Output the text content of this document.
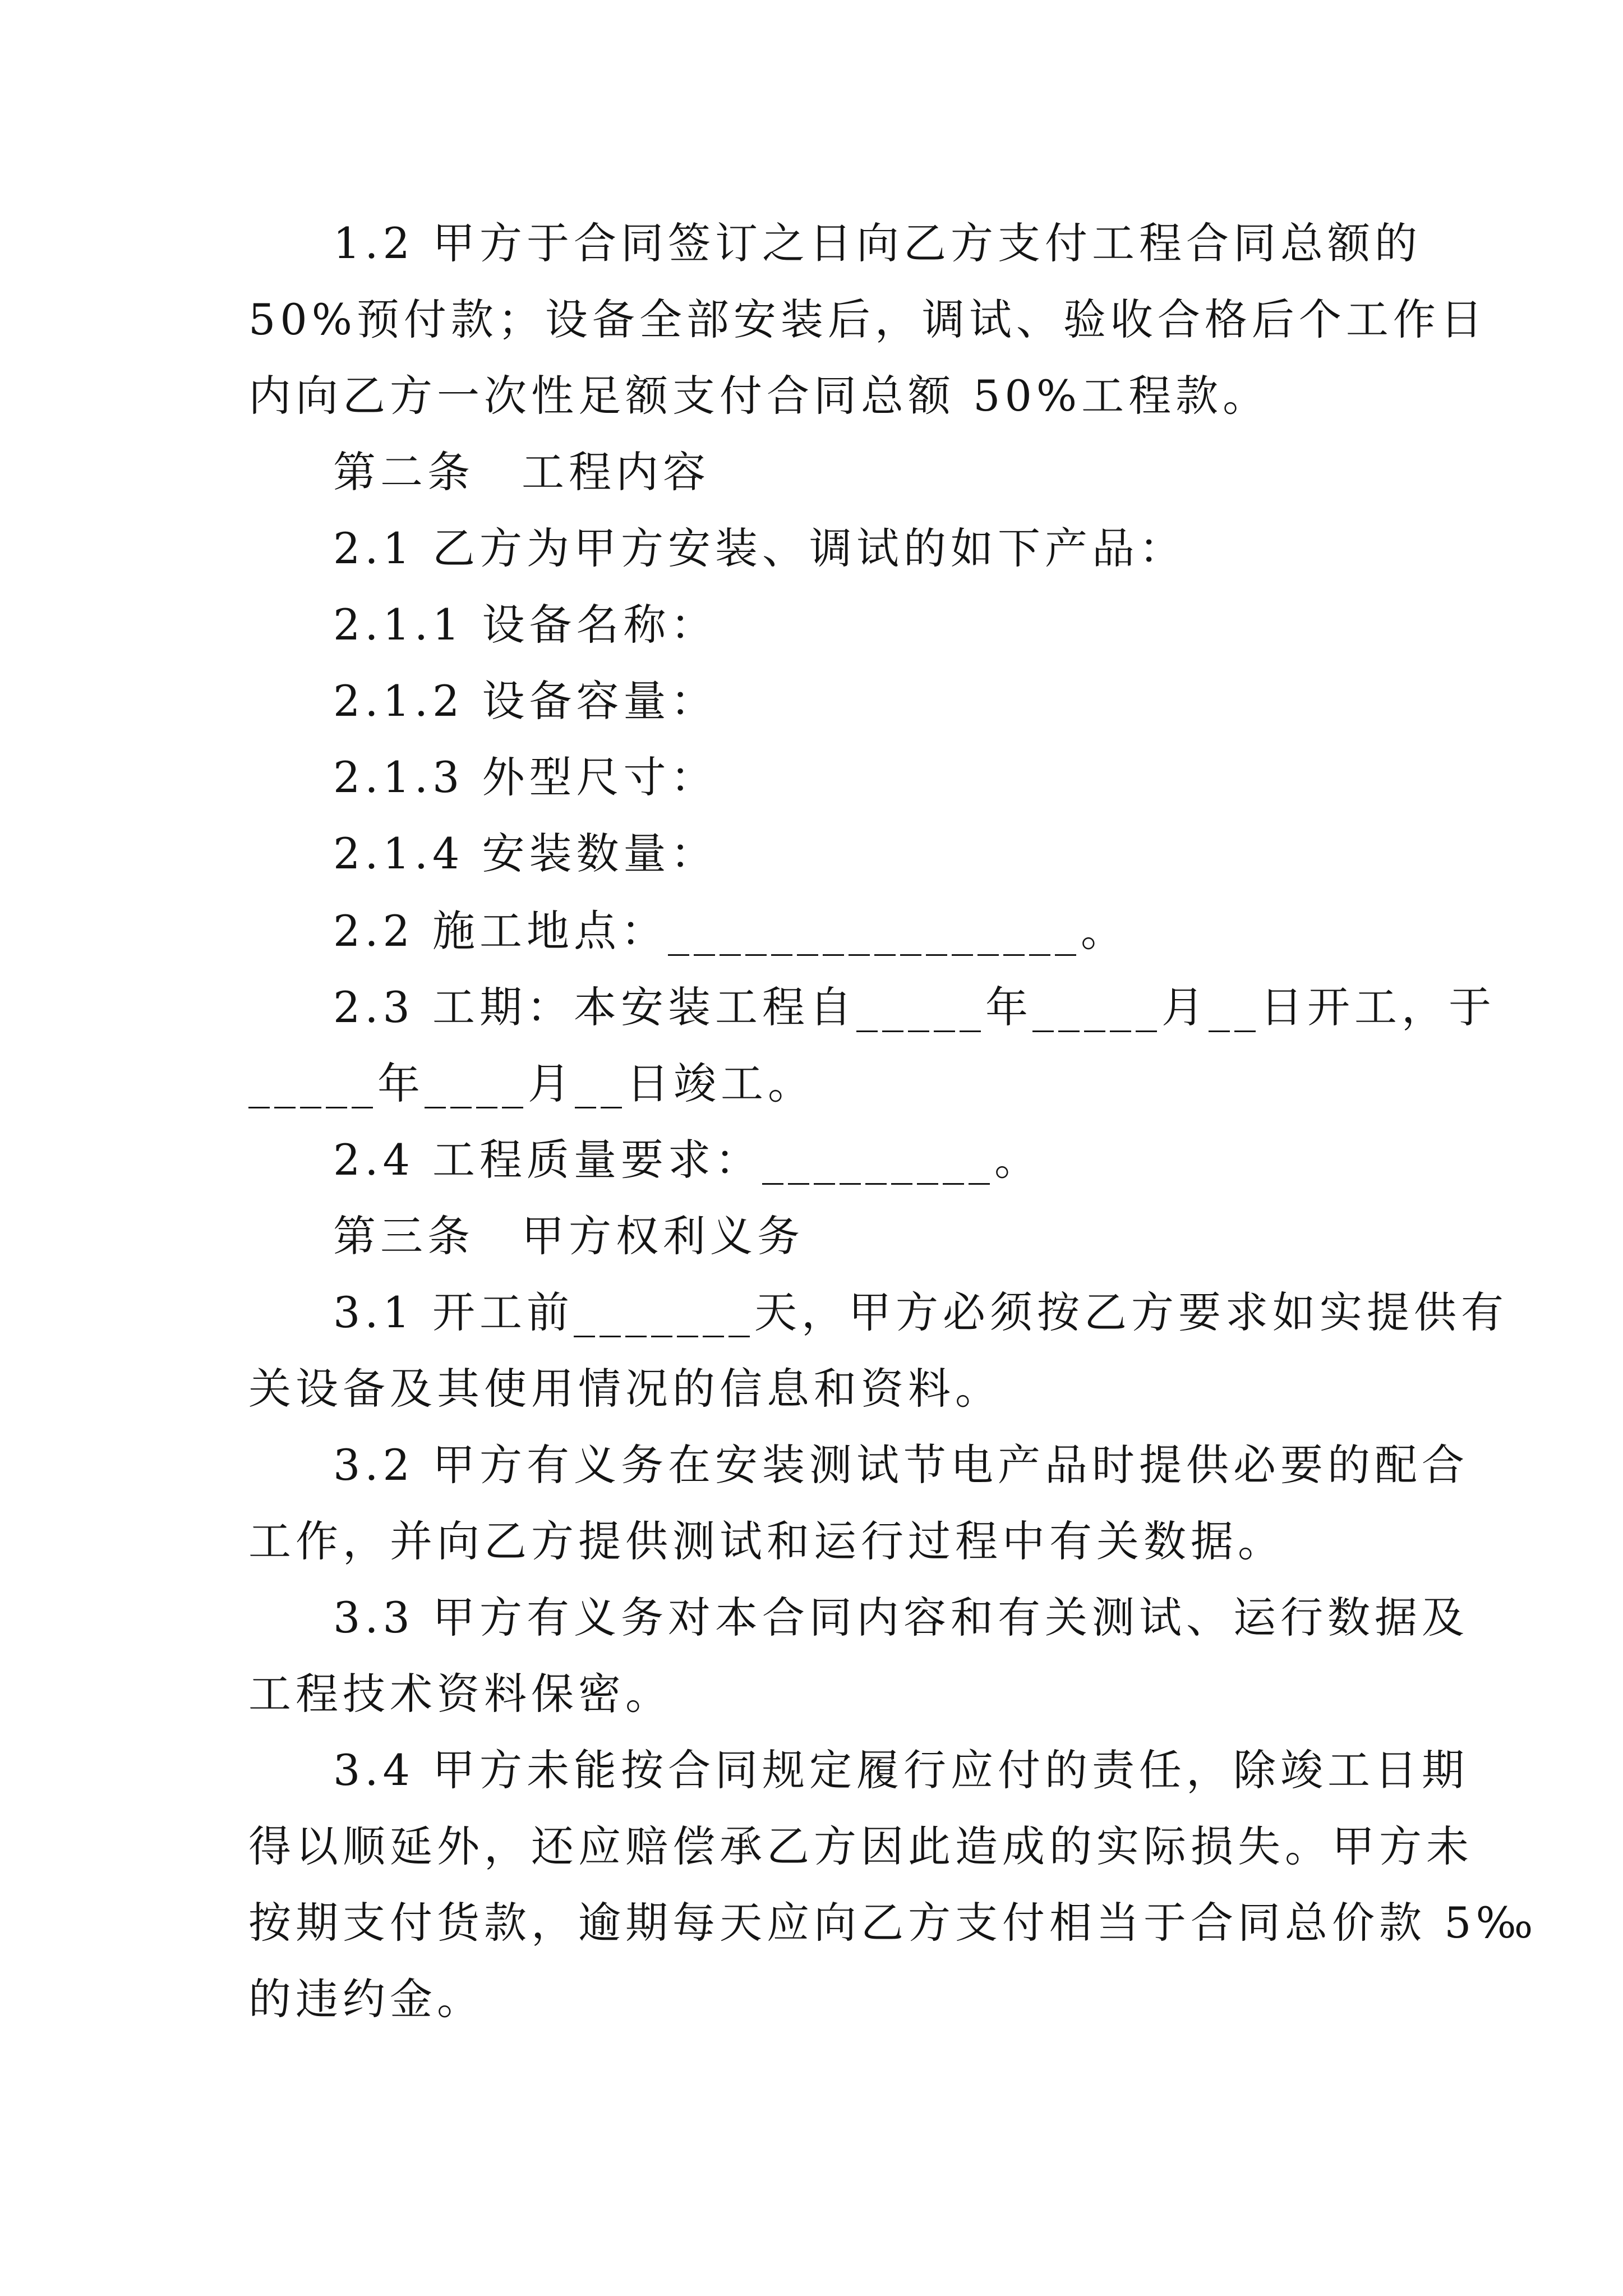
1.2 甲方于合同签订之日向乙方支付工程合同总额的
50%预付款；设备全部安装后，调试、验收合格后个工作日
内向乙方一次性足额支付合同总额 50%工程款。
第二条　工程内容
2.1 乙方为甲方安装、调试的如下产品：
2.1.1 设备名称：
2.1.2 设备容量：
2.1.3 外型尺寸：
2.1.4 安装数量：
2.2 施工地点：________________。
2.3 工期：本安装工程自_____年_____月__日开工，于
_____年____月__日竣工。
2.4 工程质量要求：_________。
第三条　甲方权利义务
3.1 开工前_______天，甲方必须按乙方要求如实提供有
关设备及其使用情况的信息和资料。
3.2 甲方有义务在安装测试节电产品时提供必要的配合
工作，并向乙方提供测试和运行过程中有关数据。
3.3 甲方有义务对本合同内容和有关测试、运行数据及
工程技术资料保密。
3.4 甲方未能按合同规定履行应付的责任，除竣工日期
得以顺延外，还应赔偿承乙方因此造成的实际损失。甲方未
按期支付货款，逾期每天应向乙方支付相当于合同总价款 5‰
的违约金。
